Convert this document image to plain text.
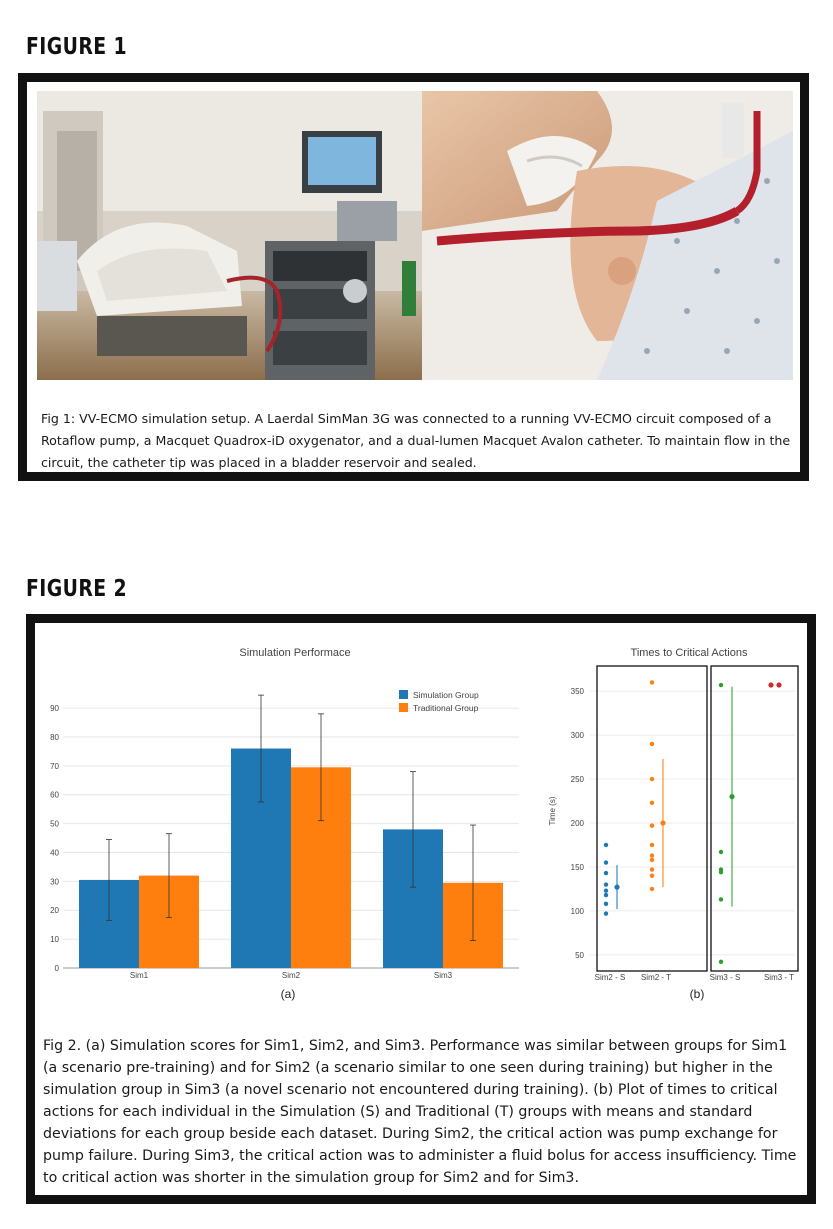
FIGURE 1
Fig 1: VV-ECMO simulation setup. A Laerdal SimMan 3G was connected to a running VV-ECMO circuit composed of a Rotaflow pump, a Macquet Quadrox-iD oxygenator, and a dual-lumen Macquet Avalon catheter. To maintain flow in the circuit, the catheter tip was placed in a bladder reservoir and sealed.
FIGURE 2
Simulation Performace
0
10
20
30
40
50
60
70
80
90
Sim1	Sim2	Sim3
Simulation Group
Traditional Group
(a)
Times to Critical Actions
Time (s)
50
100
150
200
250
300
350
Sim2 - S Sim2 - T	Sim3 - S	Sim3 - T
(b)
Fig 2. (a) Simulation scores for Sim1, Sim2, and Sim3. Performance was similar between groups for Sim1 (a scenario pre-training) and for Sim2 (a scenario similar to one seen during training) but higher in the simulation group in Sim3 (a novel scenario not encountered during training). (b) Plot of times to critical actions for each individual in the Simulation (S) and Traditional (T) groups with means and standard deviations for each group beside each dataset. During Sim2, the critical action was pump exchange for pump failure. During Sim3, the critical action was to administer a fluid bolus for access insufficiency. Time to critical action was shorter in the simulation group for Sim2 and for Sim3.
